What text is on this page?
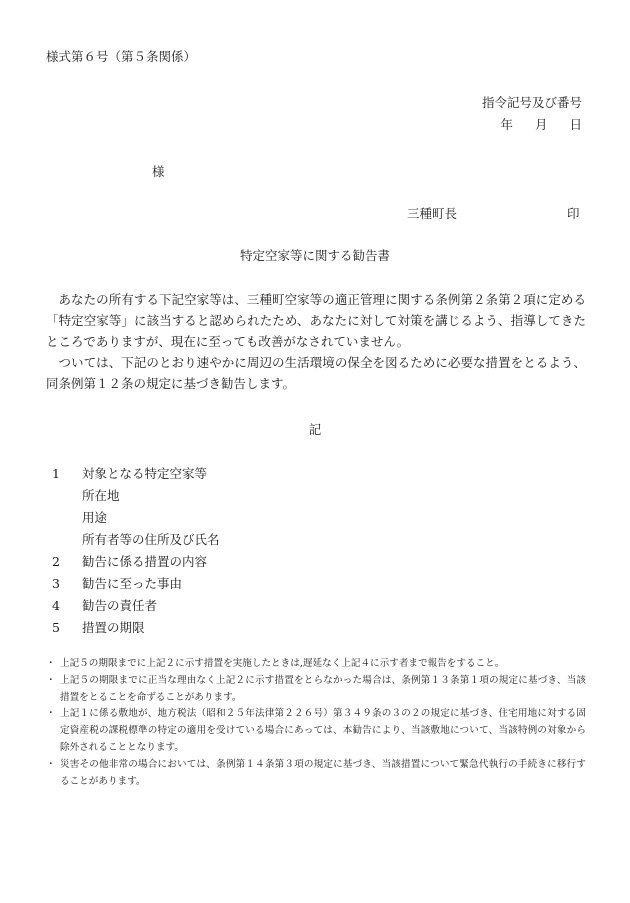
様式第６号（第５条関係）
指令記号及び番号
年 月 日
様
三種町長	印
特定空家等に関する勧告書

あなたの所有する下記空家等は、三種町空家等の適正管理に関する条例第２条第２項に定める「特定空家等」に該当すると認められたため、あなたに対して対策を講じるよう、指導してきたところでありますが、現在に至っても改善がなされていません。

ついては、下記のとおり速やかに周辺の生活環境の保全を図るために必要な措置をとるよう、同条例第１２条の規定に基づき勧告します。

記
1	対象となる特定空家等
所在地
用途
所有者等の住所及び氏名
2	勧告に係る措置の内容
3	勧告に至った事由
4	勧告の責任者
5	措置の期限

・ 上記５の期限までに上記２に示す措置を実施したときは,遅延なく上記４に示す者まで報告をすること。

・ 上記５の期限までに正当な理由なく上記２に示す措置をとらなかった場合は、条例第１３条第１項の規定に基づき、当該措置をとることを命ずることがあります。

・ 上記１に係る敷地が、地方税法（昭和２５年法律第２２６号）第３４９条の３の２の規定に基づき、住宅用地に対する固定資産税の課税標準の特定の適用を受けている場合にあっては、本勧告により、当該敷地について、当該特例の対象から除外されることとなります。

・ 災害その他非常の場合においては、条例第１４条第３項の規定に基づき、当該措置について緊急代執行の手続きに移行することがあります。
